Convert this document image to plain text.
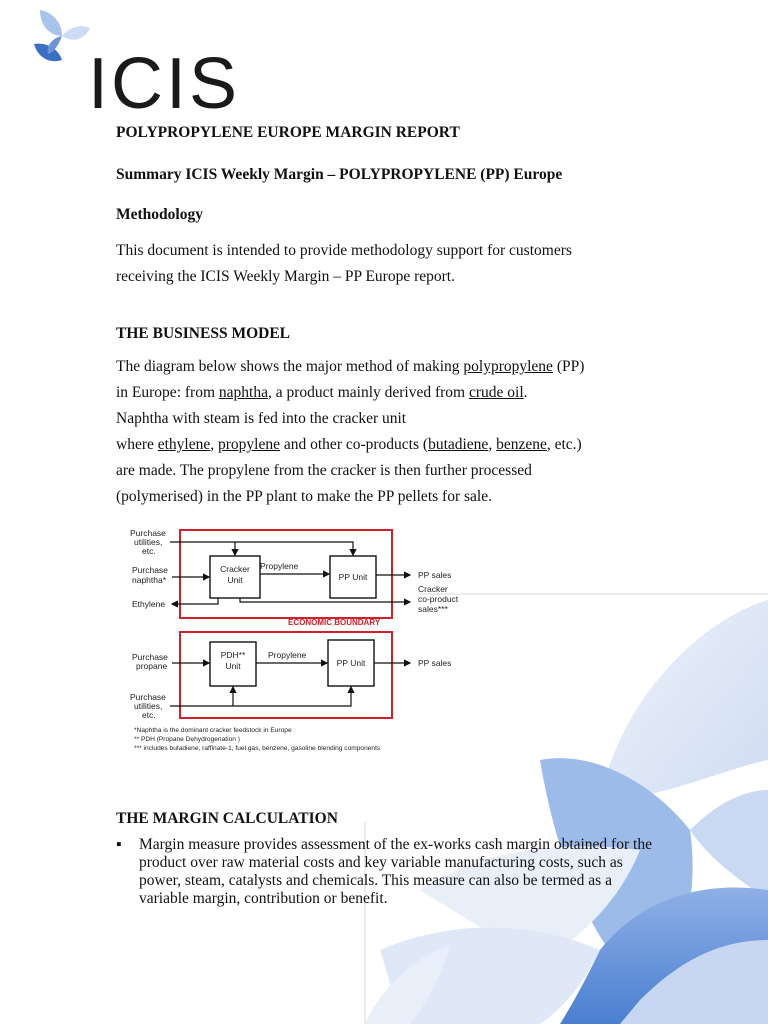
ICIS

POLYPROPYLENE EUROPE MARGIN REPORT

Summary ICIS Weekly Margin – POLYPROPYLENE (PP) Europe

Methodology

This document is intended to provide methodology support for customers
receiving the ICIS Weekly Margin – PP Europe report.

THE BUSINESS MODEL

The diagram below shows the major method of making polypropylene (PP)
in Europe: from naphtha, a product mainly derived from crude oil.
Naphtha with steam is fed into the cracker unit
where ethylene, propylene and other co-products (butadiene, benzene, etc.)
are made. The propylene from the cracker is then further processed
(polymerised) in the PP plant to make the PP pellets for sale.

THE MARGIN CALCULATION

Cracker
Unit	PP Unit
Purchase
utilities,
etc.
Purchase
naphtha*
Propylene
Ethylene
PP sales
Cracker
co-product
sales***
ECONOMIC BOUNDARY
PDH**
Unit	PP Unit
Purchase
propane
Propylene
PP sales
Purchase
utilities,
etc.
*Naphtha is the dominant cracker feedstock in Europe
** PDH (Propane Dehydrogenation )
*** includes butadiene, raffinate-1, fuel gas, benzene, gasoline blending components
▪ Margin measure provides assessment of the ex-works cash margin obtained for the product over raw material costs and key variable manufacturing costs, such as power, steam, catalysts and chemicals. This measure can also be termed as a variable margin, contribution or benefit.
